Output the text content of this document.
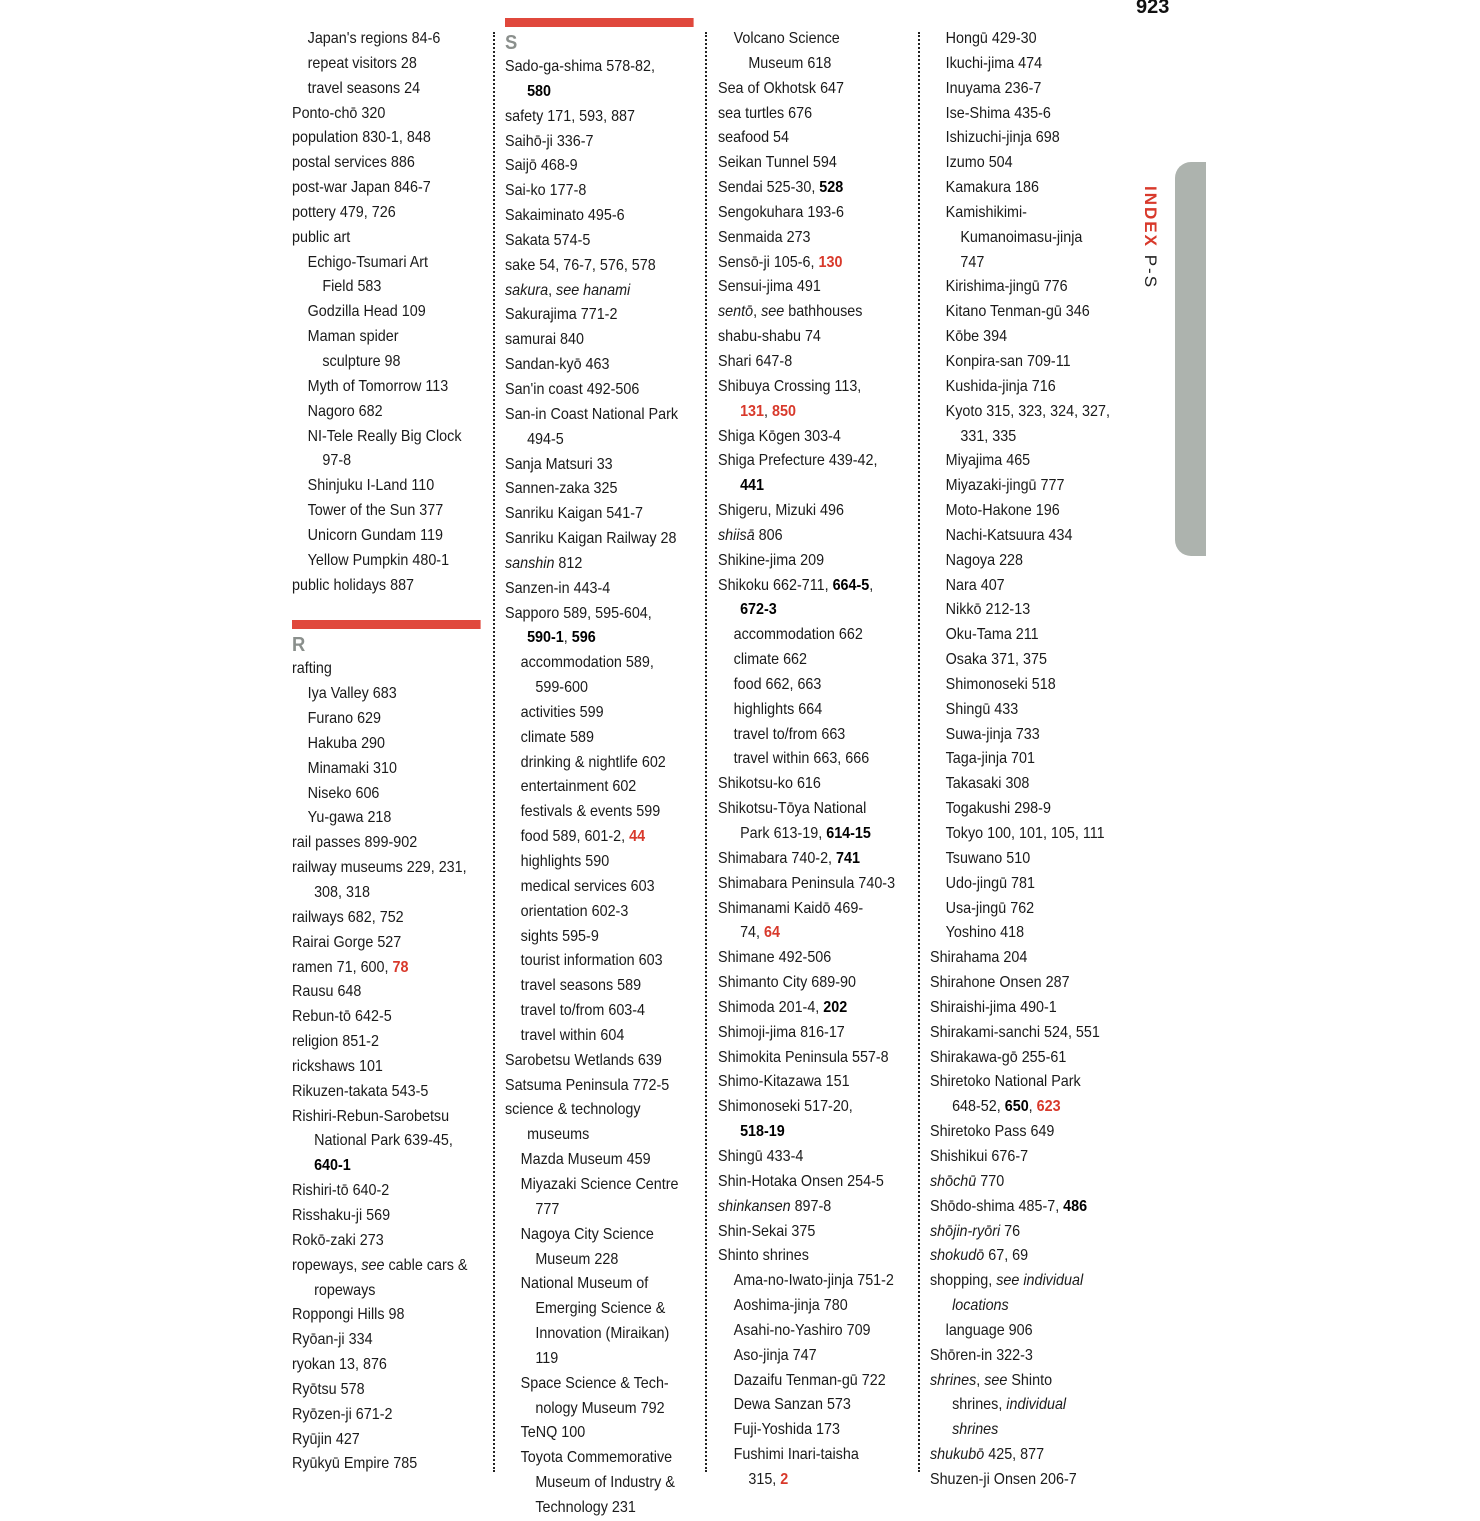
923
Japan's regions 84-6
repeat visitors 28
travel seasons 24
Ponto-chō 320
population 830-1, 848
postal services 886
post-war Japan 846-7
pottery 479, 726
public art
Echigo-Tsumari Art
Field 583
Godzilla Head 109
Maman spider
sculpture 98
Myth of Tomorrow 113
Nagoro 682
NI-Tele Really Big Clock
97-8
Shinjuku I-Land 110
Tower of the Sun 377
Unicorn Gundam 119
Yellow Pumpkin 480-1
public holidays 887
R
rafting
Iya Valley 683
Furano 629
Hakuba 290
Minamaki 310
Niseko 606
Yu-gawa 218
rail passes 899-902
railway museums 229, 231,
308, 318
railways 682, 752
Rairai Gorge 527
ramen 71, 600, 78
Rausu 648
Rebun-tō 642-5
religion 851-2
rickshaws 101
Rikuzen-takata 543-5
Rishiri-Rebun-Sarobetsu
National Park 639-45,
640-1
Rishiri-tō 640-2
Risshaku-ji 569
Rokō-zaki 273
ropeways, see cable cars &
ropeways
Roppongi Hills 98
Ryōan-ji 334
ryokan 13, 876
Ryōtsu 578
Ryōzen-ji 671-2
Ryūjin 427
Ryūkyū Empire 785
S
Sado-ga-shima 578-82,
580
safety 171, 593, 887
Saihō-ji 336-7
Saijō 468-9
Sai-ko 177-8
Sakaiminato 495-6
Sakata 574-5
sake 54, 76-7, 576, 578
sakura, see hanami
Sakurajima 771-2
samurai 840
Sandan-kyō 463
San'in coast 492-506
San-in Coast National Park
494-5
Sanja Matsuri 33
Sannen-zaka 325
Sanriku Kaigan 541-7
Sanriku Kaigan Railway 28
sanshin 812
Sanzen-in 443-4
Sapporo 589, 595-604,
590-1, 596
accommodation 589,
599-600
activities 599
climate 589
drinking & nightlife 602
entertainment 602
festivals & events 599
food 589, 601-2, 44
highlights 590
medical services 603
orientation 602-3
sights 595-9
tourist information 603
travel seasons 589
travel to/from 603-4
travel within 604
Sarobetsu Wetlands 639
Satsuma Peninsula 772-5
science & technology
museums
Mazda Museum 459
Miyazaki Science Centre
777
Nagoya City Science
Museum 228
National Museum of
Emerging Science &
Innovation (Miraikan)
119
Space Science & Tech-
nology Museum 792
TeNQ 100
Toyota Commemorative
Museum of Industry &
Technology 231
Volcano Science
Museum 618
Sea of Okhotsk 647
sea turtles 676
seafood 54
Seikan Tunnel 594
Sendai 525-30, 528
Sengokuhara 193-6
Senmaida 273
Sensō-ji 105-6, 130
Sensui-jima 491
sentō, see bathhouses
shabu-shabu 74
Shari 647-8
Shibuya Crossing 113,
131, 850
Shiga Kōgen 303-4
Shiga Prefecture 439-42,
441
Shigeru, Mizuki 496
shiisā 806
Shikine-jima 209
Shikoku 662-711, 664-5,
672-3
accommodation 662
climate 662
food 662, 663
highlights 664
travel to/from 663
travel within 663, 666
Shikotsu-ko 616
Shikotsu-Tōya National
Park 613-19, 614-15
Shimabara 740-2, 741
Shimabara Peninsula 740-3
Shimanami Kaidō 469-
74, 64
Shimane 492-506
Shimanto City 689-90
Shimoda 201-4, 202
Shimoji-jima 816-17
Shimokita Peninsula 557-8
Shimo-Kitazawa 151
Shimonoseki 517-20,
518-19
Shingū 433-4
Shin-Hotaka Onsen 254-5
shinkansen 897-8
Shin-Sekai 375
Shinto shrines
Ama-no-Iwato-jinja 751-2
Aoshima-jinja 780
Asahi-no-Yashiro 709
Aso-jinja 747
Dazaifu Tenman-gū 722
Dewa Sanzan 573
Fuji-Yoshida 173
Fushimi Inari-taisha
315, 2
Hongū 429-30
Ikuchi-jima 474
Inuyama 236-7
Ise-Shima 435-6
Ishizuchi-jinja 698
Izumo 504
Kamakura 186
Kamishikimi-
Kumanoimasu-jinja
747
Kirishima-jingū 776
Kitano Tenman-gū 346
Kōbe 394
Konpira-san 709-11
Kushida-jinja 716
Kyoto 315, 323, 324, 327,
331, 335
Miyajima 465
Miyazaki-jingū 777
Moto-Hakone 196
Nachi-Katsuura 434
Nagoya 228
Nara 407
Nikkō 212-13
Oku-Tama 211
Osaka 371, 375
Shimonoseki 518
Shingū 433
Suwa-jinja 733
Taga-jinja 701
Takasaki 308
Togakushi 298-9
Tokyo 100, 101, 105, 111
Tsuwano 510
Udo-jingū 781
Usa-jingū 762
Yoshino 418
Shirahama 204
Shirahone Onsen 287
Shiraishi-jima 490-1
Shirakami-sanchi 524, 551
Shirakawa-gō 255-61
Shiretoko National Park
648-52, 650, 623
Shiretoko Pass 649
Shishikui 676-7
shōchū 770
Shōdo-shima 485-7, 486
shōjin-ryōri 76
shokudō 67, 69
shopping, see individual
locations
language 906
Shōren-in 322-3
shrines, see Shinto
shrines, individual
shrines
shukubō 425, 877
Shuzen-ji Onsen 206-7
INDEX P-S
